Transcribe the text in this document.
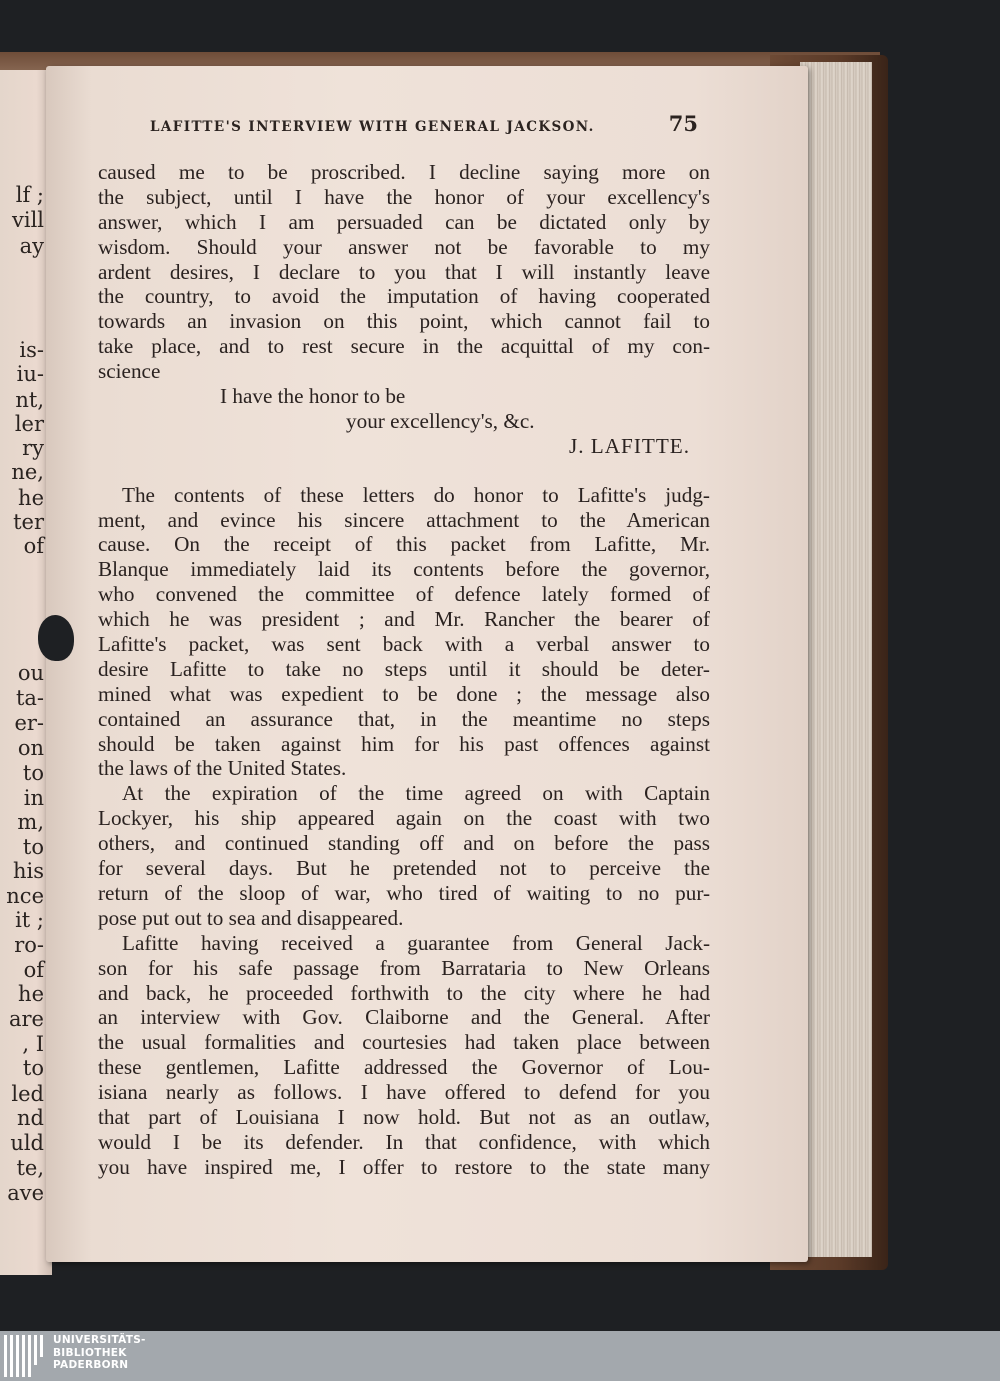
lf ;
vill
ay
is-
iu-
nt,
ler
ry
ne,
he
ter
of
ou
ta-
er-
on
to
in
m,
to
his
nce
it ;
ro-
of
he
are
, I
to
led
nd
uld
te,
ave
LAFITTE'S INTERVIEW WITH GENERAL JACKSON.	75
caused me to be proscribed. I decline saying more on
the subject, until I have the honor of your excellency's
answer, which I am persuaded can be dictated only by
wisdom. Should your answer not be favorable to my
ardent desires, I declare to you that I will instantly leave
the country, to avoid the imputation of having cooperated
towards an invasion on this point, which cannot fail to
take place, and to rest secure in the acquittal of my con-
science
I have the honor to be
your excellency's, &c.
J. LAFITTE.
The contents of these letters do honor to Lafitte's judg-
ment, and evince his sincere attachment to the American
cause. On the receipt of this packet from Lafitte, Mr.
Blanque immediately laid its contents before the governor,
who convened the committee of defence lately formed of
which he was president ; and Mr. Rancher the bearer of
Lafitte's packet, was sent back with a verbal answer to
desire Lafitte to take no steps until it should be deter-
mined what was expedient to be done ; the message also
contained an assurance that, in the meantime no steps
should be taken against him for his past offences against
the laws of the United States.
At the expiration of the time agreed on with Captain
Lockyer, his ship appeared again on the coast with two
others, and continued standing off and on before the pass
for several days. But he pretended not to perceive the
return of the sloop of war, who tired of waiting to no pur-
pose put out to sea and disappeared.
Lafitte having received a guarantee from General Jack-
son for his safe passage from Barrataria to New Orleans
and back, he proceeded forthwith to the city where he had
an interview with Gov. Claiborne and the General. After
the usual formalities and courtesies had taken place between
these gentlemen, Lafitte addressed the Governor of Lou-
isiana nearly as follows. I have offered to defend for you
that part of Louisiana I now hold. But not as an outlaw,
would I be its defender. In that confidence, with which
you have inspired me, I offer to restore to the state many
UNIVERSITÄTS-
BIBLIOTHEK
PADERBORN
